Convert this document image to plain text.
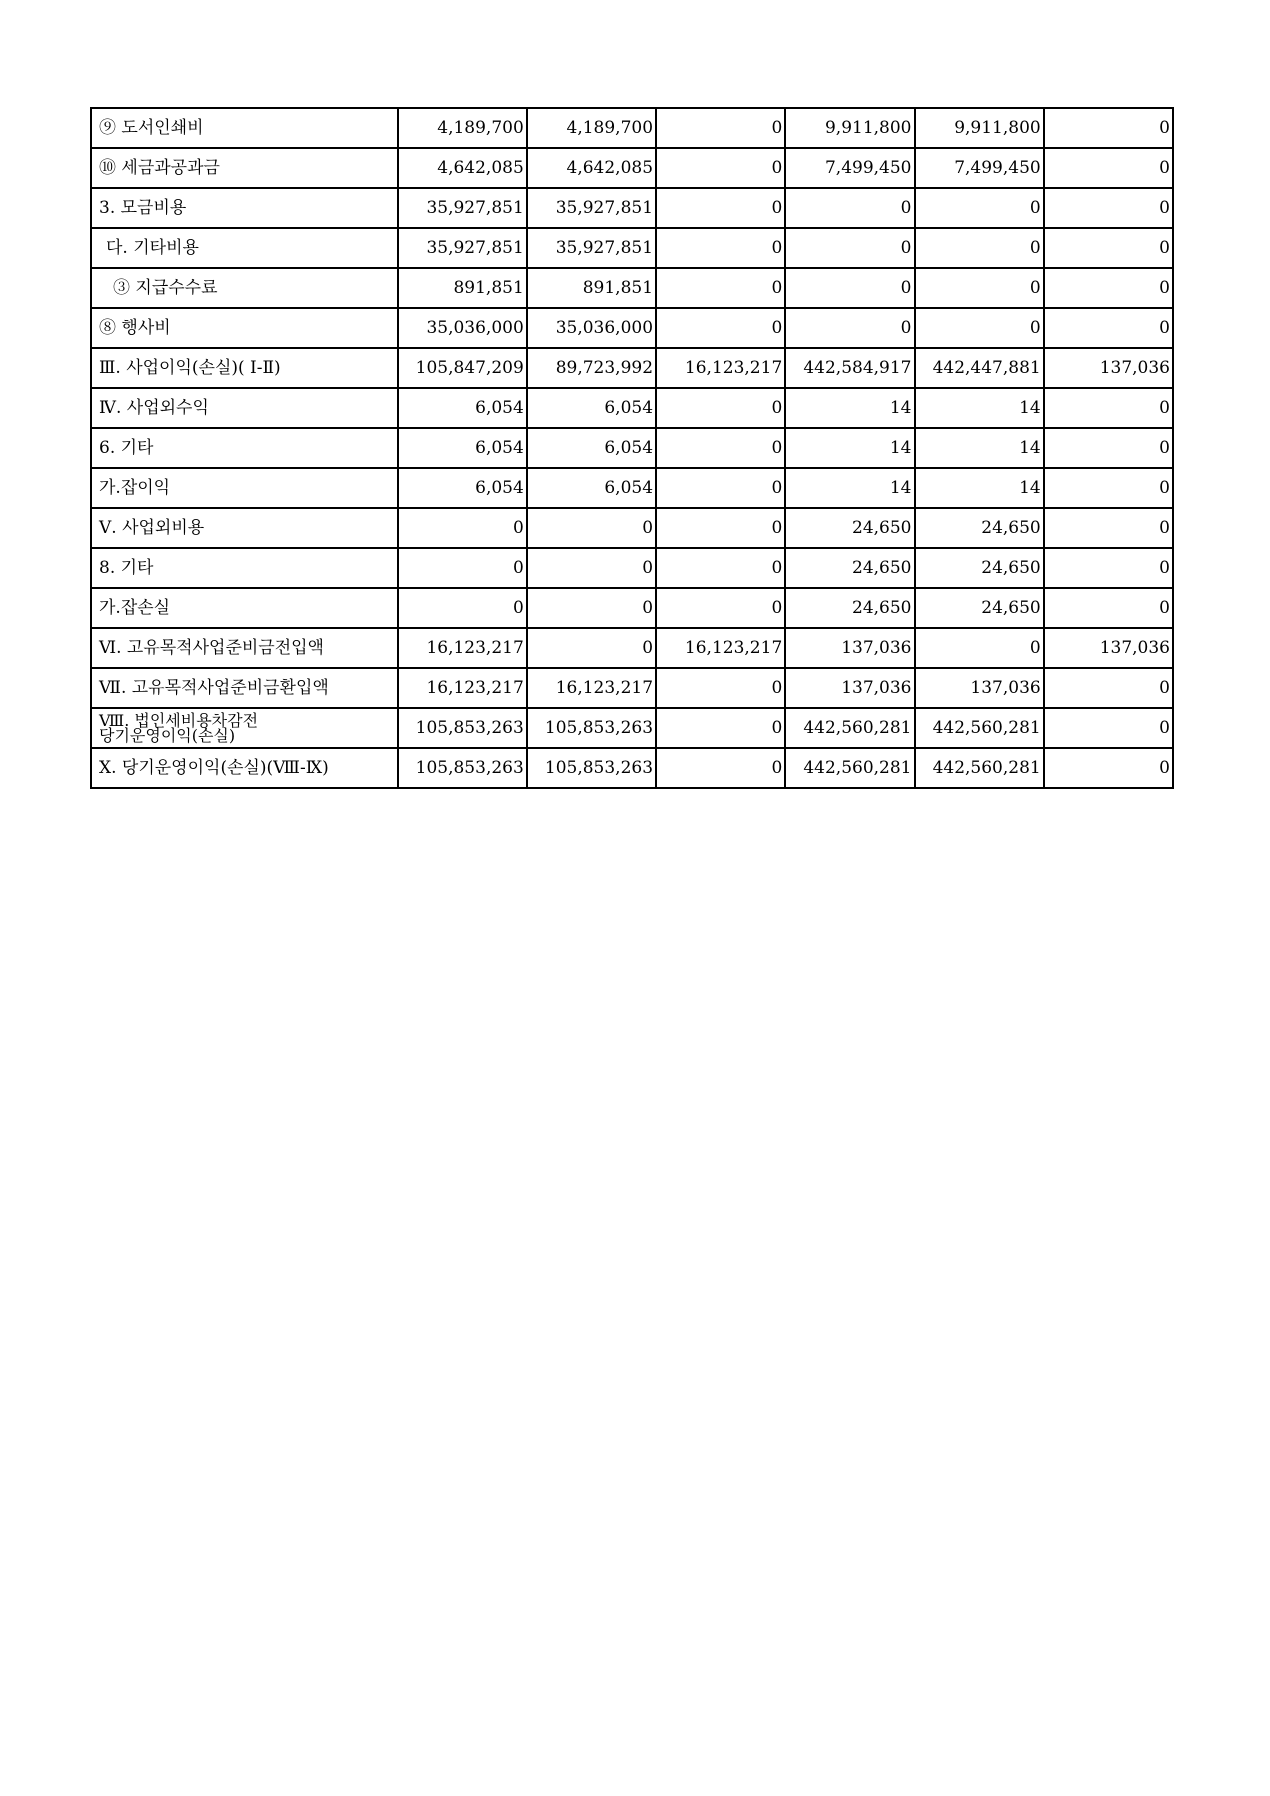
⑨ 도서인쇄비	4,189,700	4,189,700	0	9,911,800	9,911,800	0
⑩ 세금과공과금	4,642,085	4,642,085	0	7,499,450	7,499,450	0
3. 모금비용	35,927,851	35,927,851	0	0	0	0
다. 기타비용	35,927,851	35,927,851	0	0	0	0
③ 지급수수료	891,851	891,851	0	0	0	0
⑧ 행사비	35,036,000	35,036,000	0	0	0	0
Ⅲ. 사업이익(손실)( Ⅰ-Ⅱ)	105,847,209	89,723,992	16,123,217	442,584,917	442,447,881	137,036
Ⅳ. 사업외수익	6,054	6,054	0	14	14	0
6. 기타	6,054	6,054	0	14	14	0
가.잡이익	6,054	6,054	0	14	14	0
Ⅴ. 사업외비용	0	0	0	24,650	24,650	0
8. 기타	0	0	0	24,650	24,650	0
가.잡손실	0	0	0	24,650	24,650	0
Ⅵ. 고유목적사업준비금전입액	16,123,217	0	16,123,217	137,036	0	137,036
Ⅶ. 고유목적사업준비금환입액	16,123,217	16,123,217	0	137,036	137,036	0
Ⅷ. 법인세비용차감전
당기운영이익(손실)	105,853,263	105,853,263	0	442,560,281	442,560,281	0
Ⅹ. 당기운영이익(손실)(Ⅷ-Ⅸ)	105,853,263	105,853,263	0	442,560,281	442,560,281	0
